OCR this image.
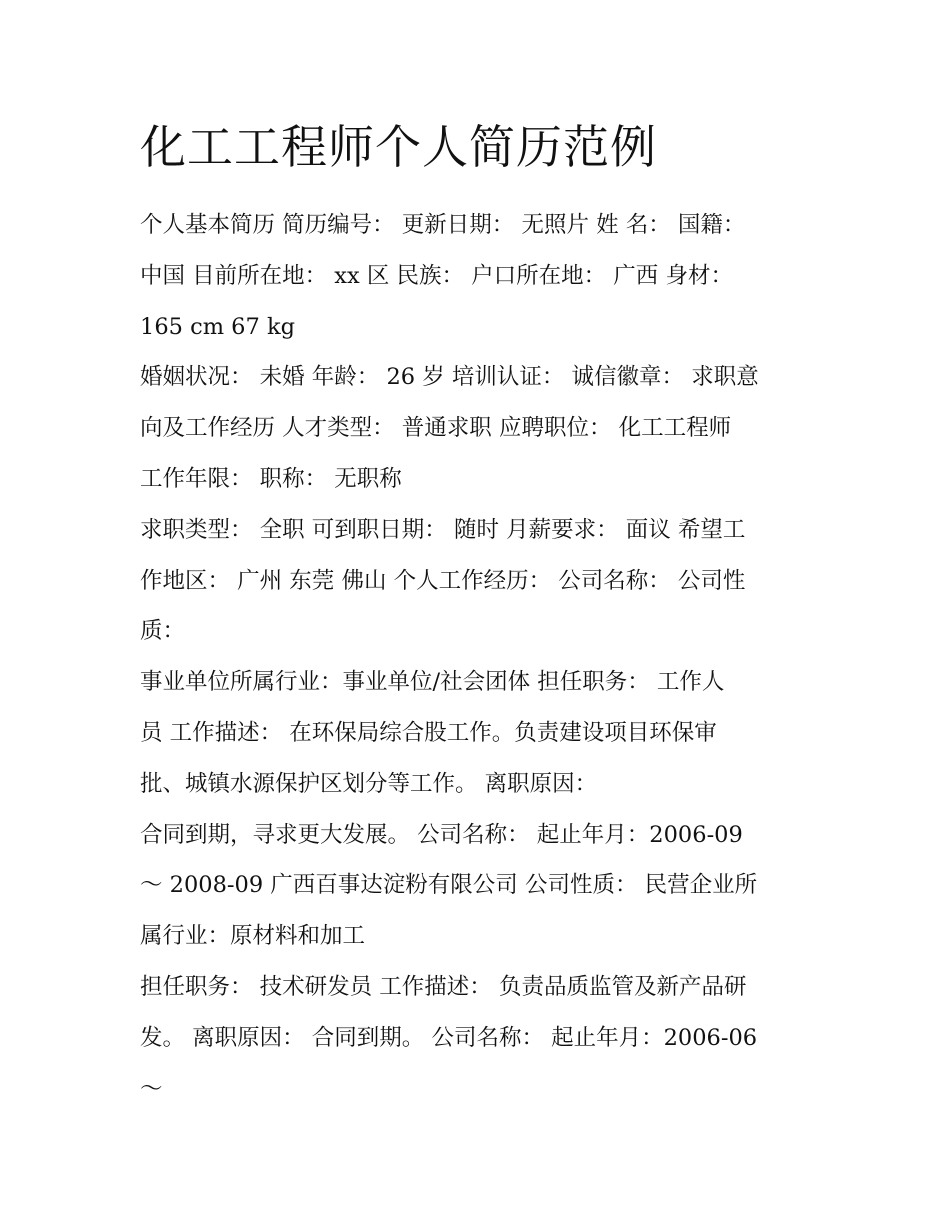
化工工程师个人简历范例
个人基本简历 简历编号： 更新日期： 无照片 姓 名： 国籍：
中国 目前所在地： xx 区 民族： 户口所在地： 广西 身材：
165 cm 67 kg
婚姻状况： 未婚 年龄： 26 岁 培训认证： 诚信徽章： 求职意
向及工作经历 人才类型： 普通求职 应聘职位： 化工工程师
工作年限： 职称： 无职称
求职类型： 全职 可到职日期： 随时 月薪要求： 面议 希望工
作地区： 广州 东莞 佛山 个人工作经历： 公司名称： 公司性
质：
事业单位所属行业：事业单位/社会团体 担任职务： 工作人
员 工作描述： 在环保局综合股工作。负责建设项目环保审
批、城镇水源保护区划分等工作。 离职原因：
合同到期，寻求更大发展。 公司名称： 起止年月：2006-09
～ 2008-09 广西百事达淀粉有限公司 公司性质： 民营企业所
属行业：原材料和加工
担任职务： 技术研发员 工作描述： 负责品质监管及新产品研
发。 离职原因： 合同到期。 公司名称： 起止年月：2006-06
～
